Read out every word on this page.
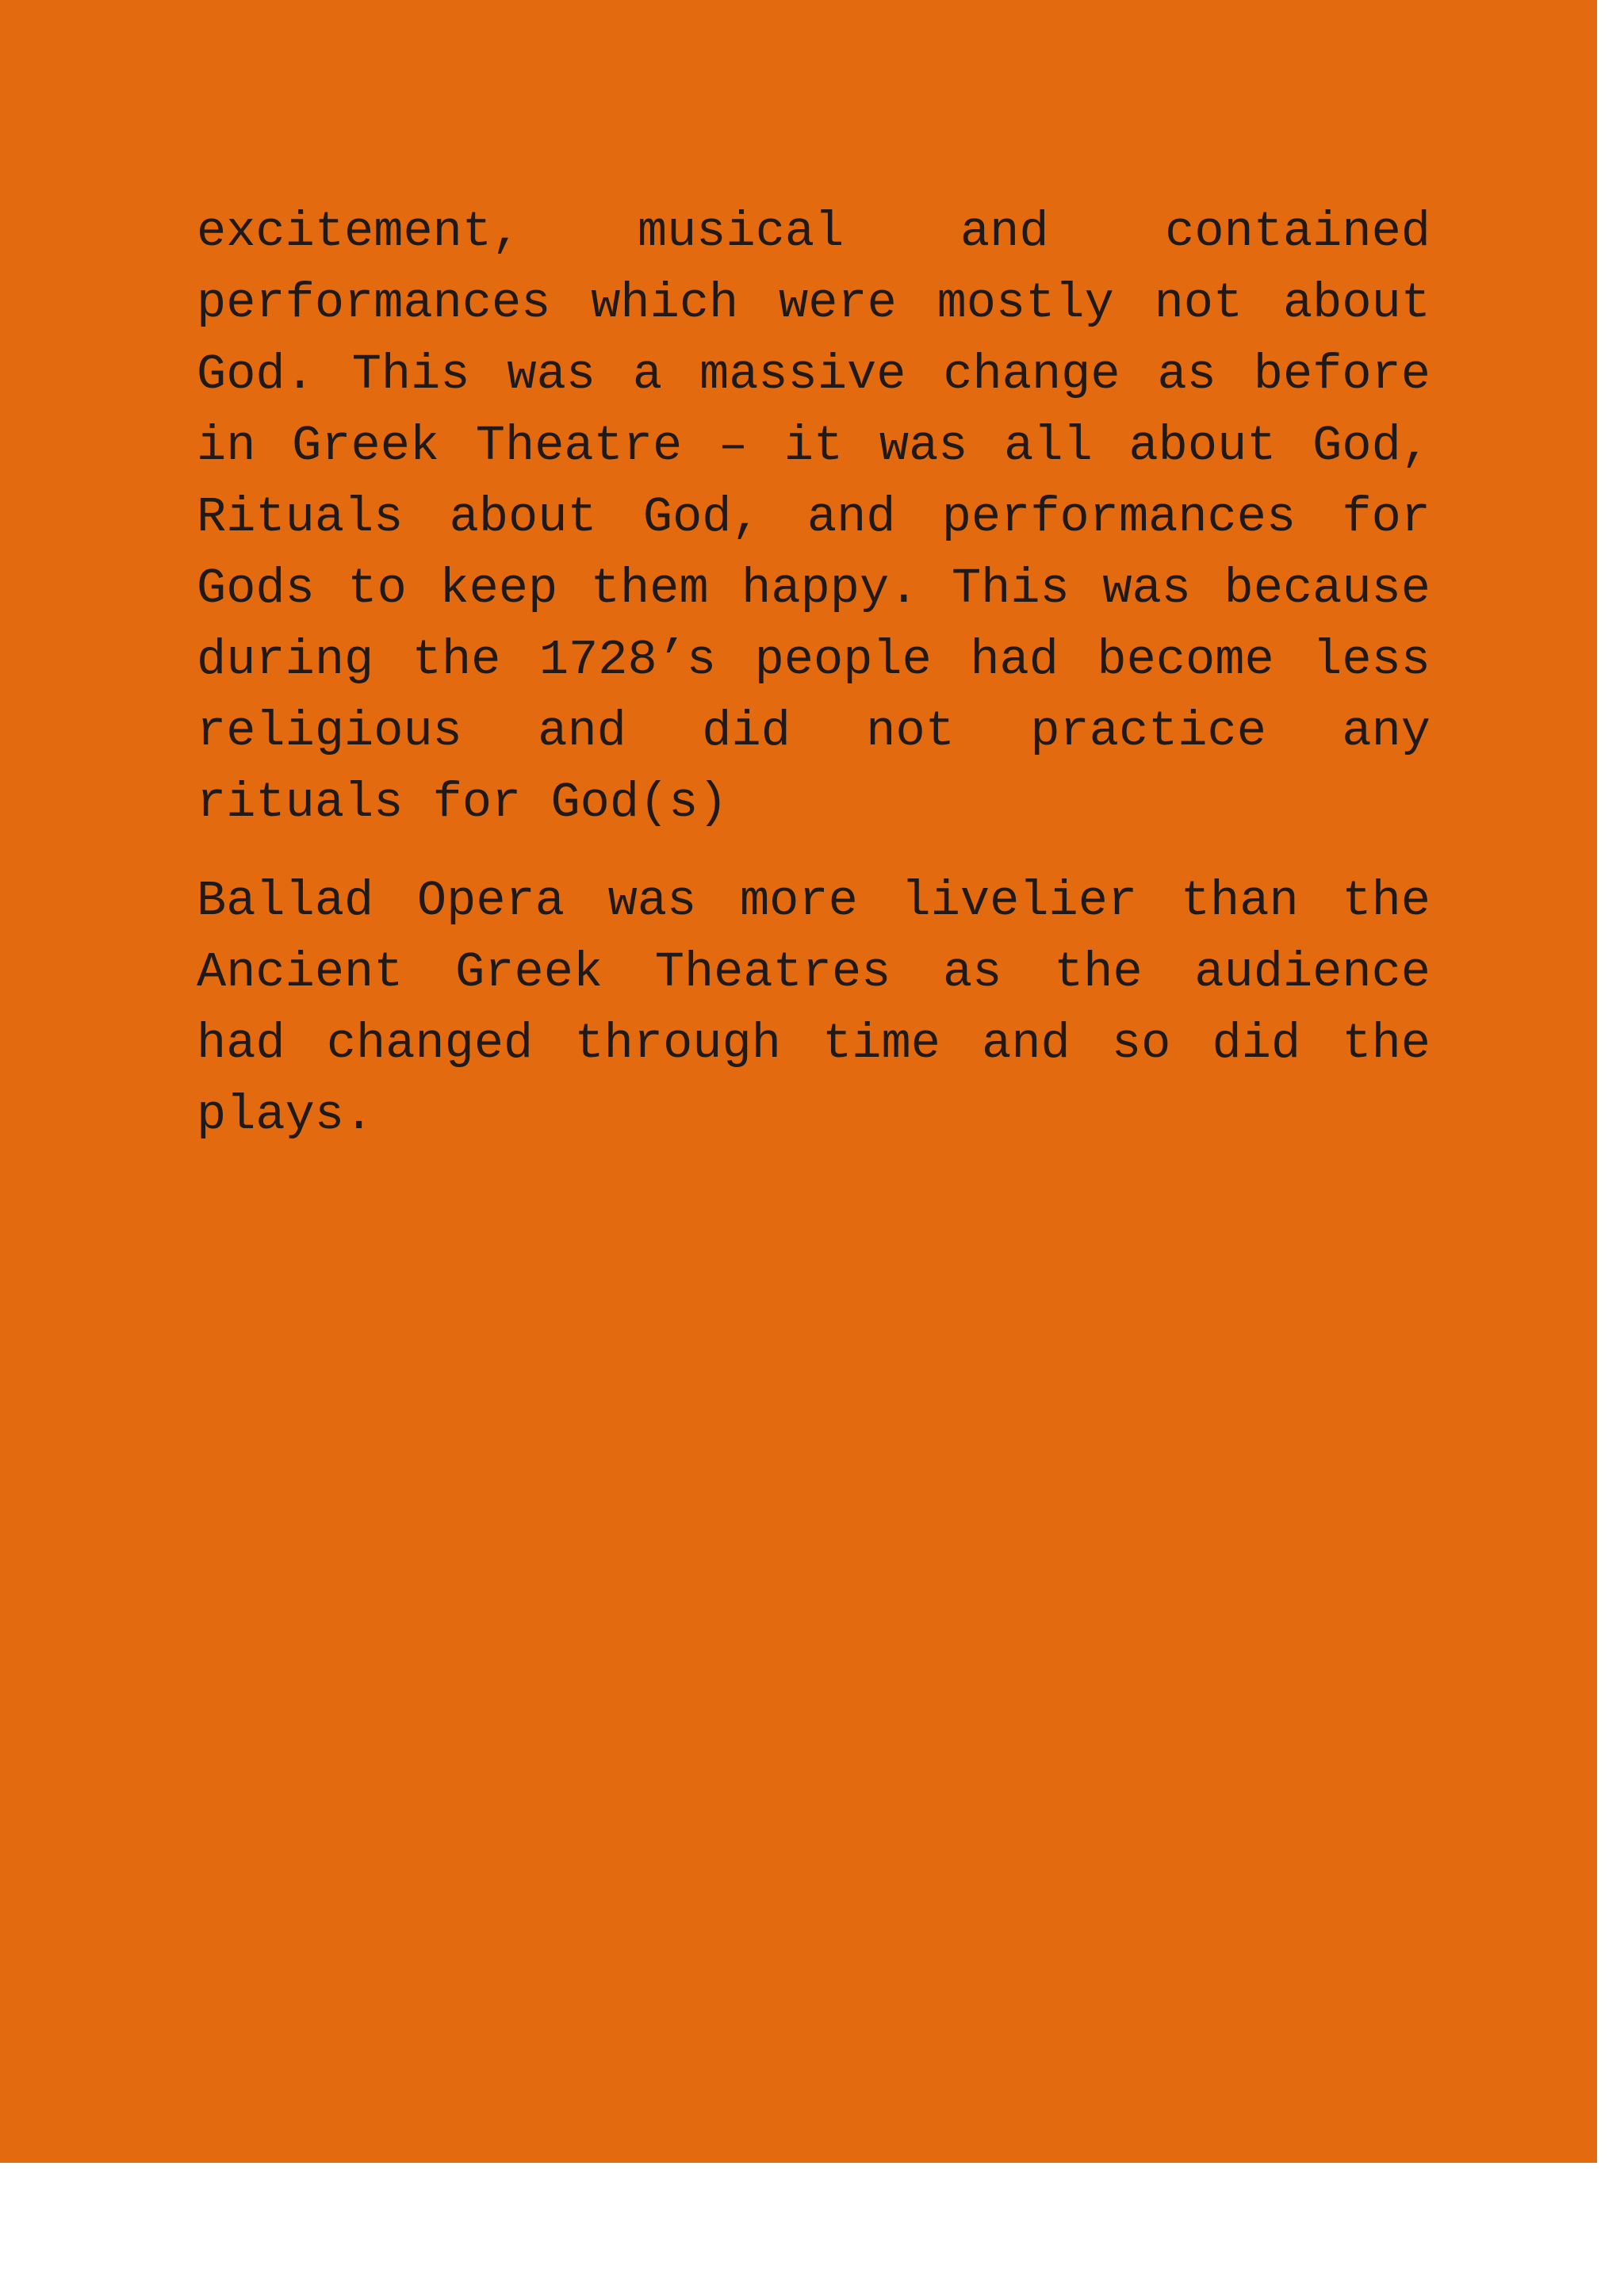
excitement, musical and contained performances which were mostly not about God. This was a massive change as before in Greek Theatre – it was all about God, Rituals about God, and performances for Gods to keep them happy. This was because during the 1728’s people had become less religious and did not practice any rituals for God(s)

Ballad Opera was more livelier than the Ancient Greek Theatres as the audience had changed through time and so did the plays.
